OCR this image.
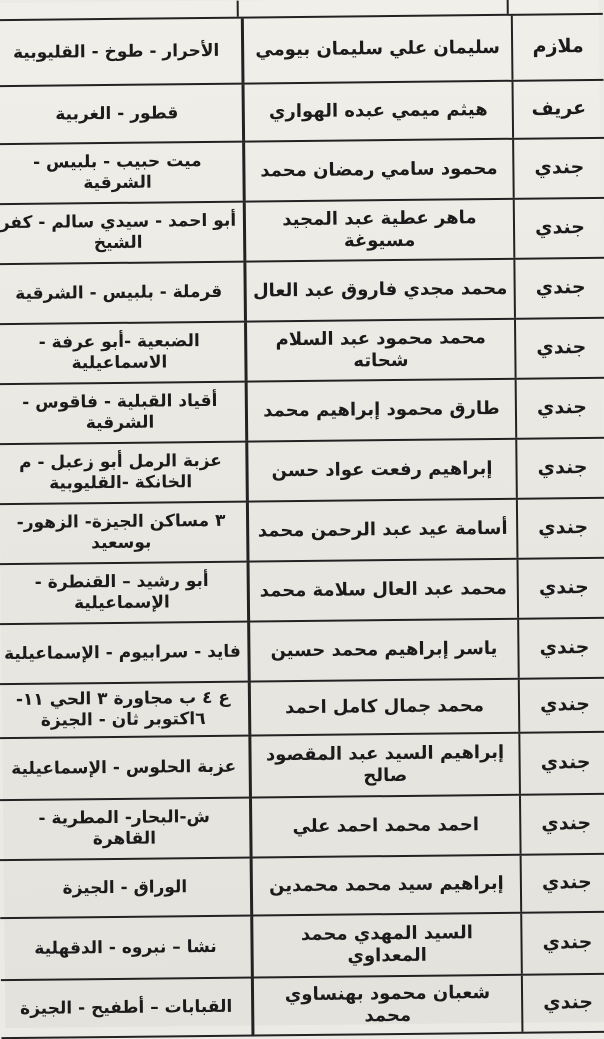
ملازم
سليمان علي سليمان بيومي
الأحرار - طوخ - القليوبية
عريف
هيثم ميمي عبده الهواري
قطور - الغربية
جندي
محمود سامي رمضان محمد
ميت حبيب - بلبيس - الشرقية
جندي
ماهر عطية عبد المجيد مسيوغة
أبو احمد - سيدي سالم - كفر الشيخ
جندي
محمد مجدي فاروق عبد العال
قرملة - بلبيس - الشرقية
جندي
محمد محمود عبد السلام شحاته
الضبعية -أبو عرفة - الاسماعيلية
جندي
طارق محمود إبراهيم محمد
أقياد القبلية - فاقوس - الشرقية
جندي
إبراهيم رفعت عواد حسن
عزبة الرمل أبو زعبل - م الخانكة -القليوبية
جندي
أسامة عيد عبد الرحمن محمد
٣ مساكن الجيزة- الزهور-بوسعيد
جندي
محمد عبد العال سلامة محمد
أبو رشيد – القنطرة - الإسماعيلية
جندي
ياسر إبراهيم محمد حسين
فايد - سرابيوم - الإسماعيلية
جندي
محمد جمال كامل احمد
ع ٤ ب مجاورة ٣ الحي ١١- ٦اكتوبر ثان - الجيزة
جندي
إبراهيم السيد عبد المقصود صالح
عزبة الحلوس - الإسماعيلية
جندي
احمد محمد احمد علي
ش-البحار- المطرية - القاهرة
جندي
إبراهيم سيد محمد محمدين
الوراق - الجيزة
جندي
السيد المهدي محمد المعداوي
نشا – نبروه - الدقهلية
جندي
شعبان محمود بهنساوي محمد
القبابات – أطفيح - الجيزة
